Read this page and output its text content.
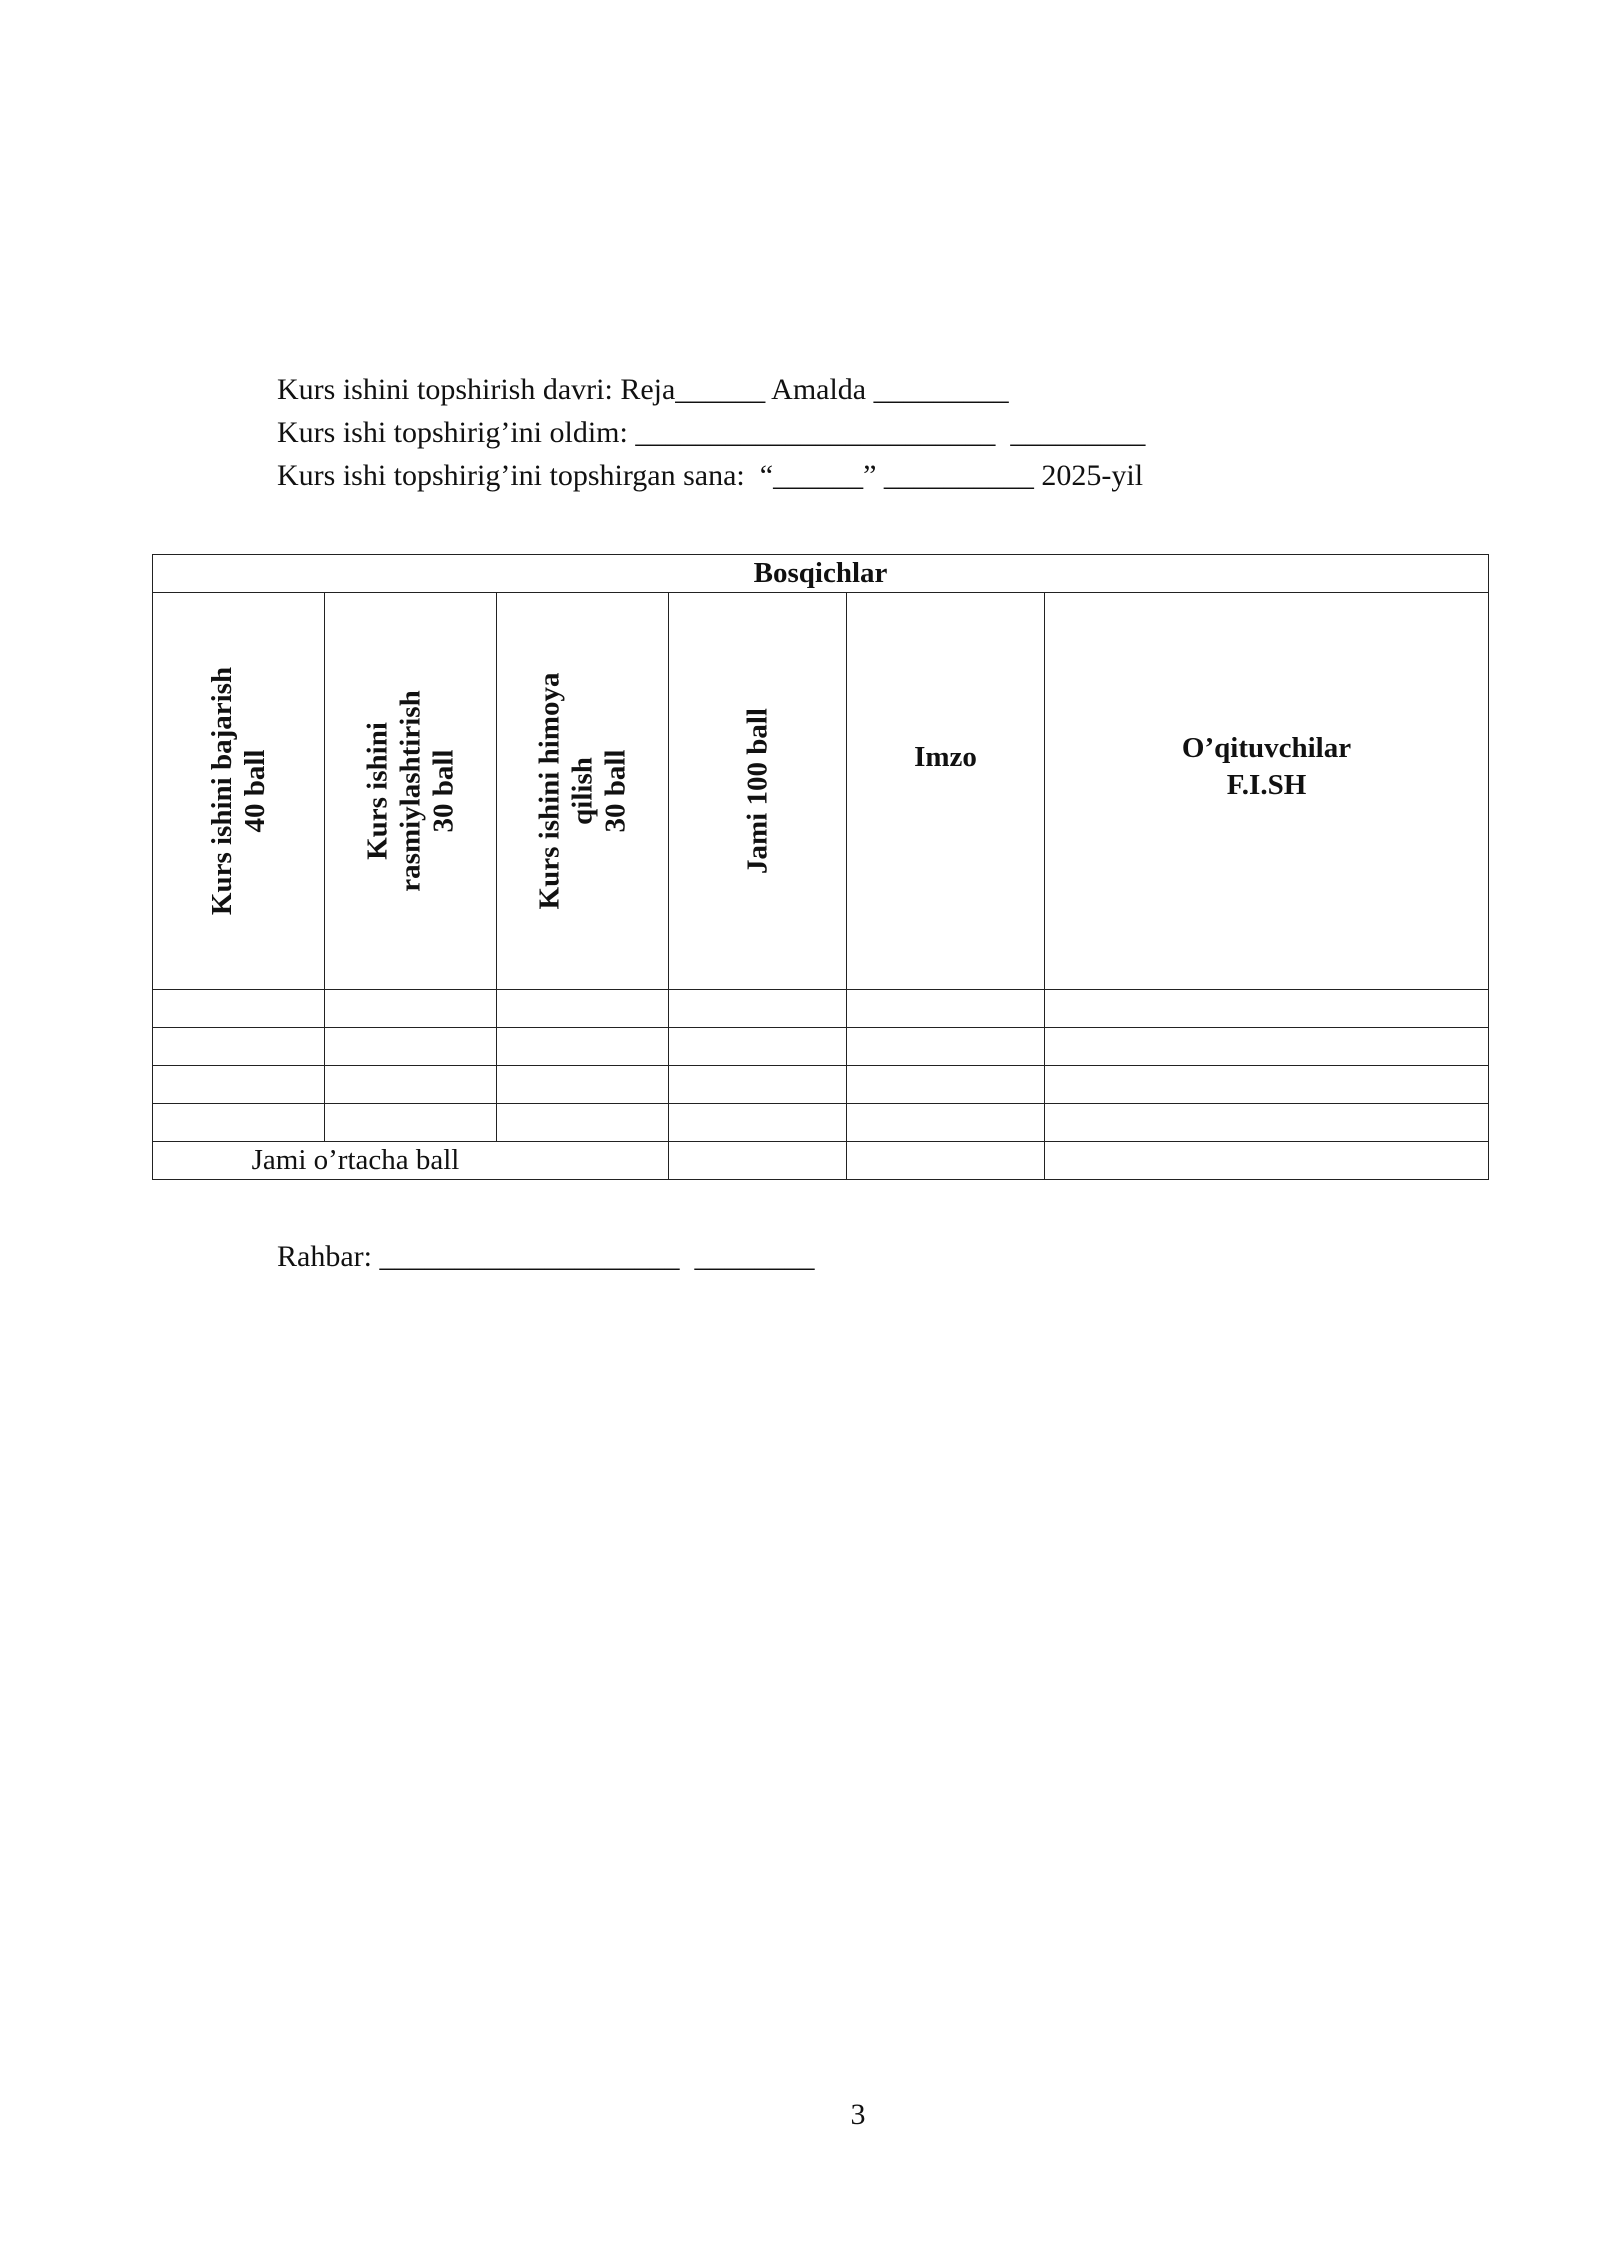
Kurs ishini topshirish davri: Reja______ Amalda _________
Kurs ishi topshirig’ini oldim: ________________________  _________
Kurs ishi topshirig’ini topshirgan sana:  “______” __________ 2025-yil
Bosqichlar					

Kurs ishini bajarish
40 ball	Kurs ishini
rasmiylashtirish
30 ball	Kurs ishini himoya
qilish
30 ball	Jami 100 ball	Imzo	O’qituvchilar
F.I.SH

Jami o’rtacha ball					
Rahbar: ____________________  ________
3
